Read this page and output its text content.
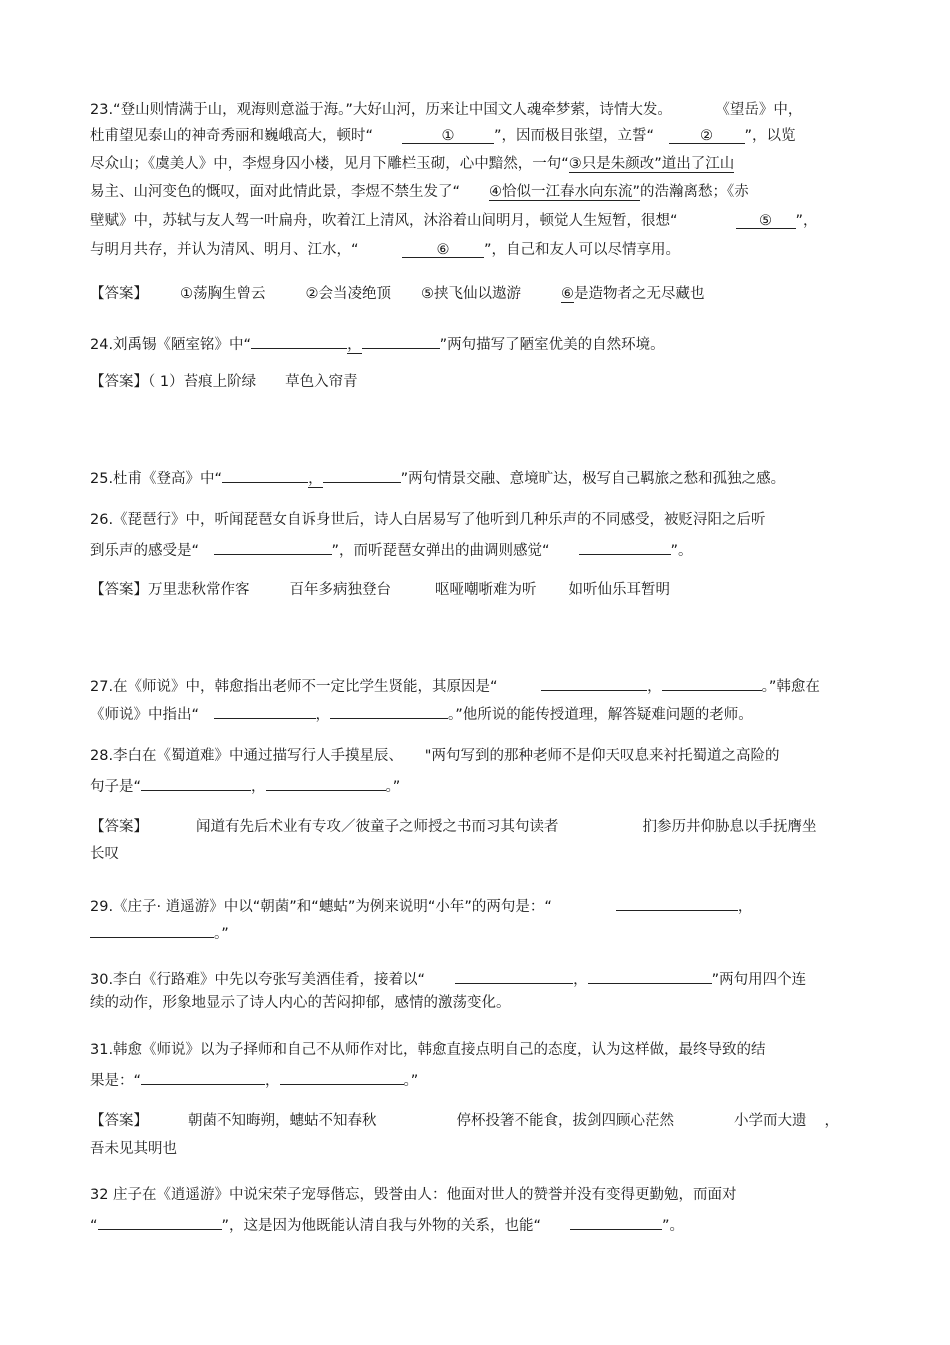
23.“登山则情满于山，观海则意溢于海。”大好山河，历来让中国文人魂牵梦萦，诗情大发。　　　　《望岳》中，
杜甫望见泰山的神奇秀丽和巍峨高大，顿时“　　	①	”，因而极目张望，立誓“　② ”，以览
尽众山；《虞美人》中，李煜身囚小楼，见月下雕栏玉砌，心中黯然，一句“③只是朱颜改”道出了江山
易主、山河变色的慨叹，面对此情此景，李煜不禁生发了“　　④恰似一江春水向东流”的浩瀚离愁；《赤
壁赋》中，苏轼与友人驾一叶扁舟，吹着江上清风，沐浴着山间明月，顿觉人生短暂，很想“　　　　⑤ ”，
与明月共存，并认为清风、明月、江水，“　　　⑥ ”，自己和友人可以尽情享用。
【答案】 ①荡胸生曾云	②会当凌绝顶 ⑤挟飞仙以遨游	⑥是造物者之无尽藏也
24.刘禹锡《陋室铭》中“	，	”两句描写了陋室优美的自然环境。
【答案】（ 1）苔痕上阶绿　　草色入帘青
25.杜甫《登高》中“	，	”两句情景交融、意境旷达，极写自己羁旅之愁和孤独之感。
26.《琵琶行》中，听闻琵琶女自诉身世后，诗人白居易写了他听到几种乐声的不同感受，被贬浔阳之后听
到乐声的感受是“　	”，而听琵琶女弹出的曲调则感觉“　　	”。
【答案】万里悲秋常作客	百年多病独登台	呕哑嘲哳难为听 如听仙乐耳暂明
27.在《师说》中，韩愈指出老师不一定比学生贤能，其原因是“　　　	，	。”韩愈在
《师说》中指出“　	，	。”他所说的能传授道理，解答疑难问题的老师。
28.李白在《蜀道难》中通过描写行人手摸星辰、　　"两句写到的那种老师不是仰天叹息来衬托蜀道之高险的
句子是“	，	。”
【答案】	闻道有先后术业有专攻／彼童子之师授之书而习其句读者	扪参历井仰胁息以手抚膺坐
长叹
29.《庄子· 逍遥游》中以“朝菌”和“蟪蛄”为例来说明“小年”的两句是：“	，
。”
30.李白《行路难》中先以夸张写美酒佳肴，接着以“	，	”两句用四个连
续的动作，形象地显示了诗人内心的苦闷抑郁，感情的激荡变化。
31.韩愈《师说》以为子择师和自己不从师作对比，韩愈直接点明自己的态度，认为这样做，最终导致的结
果是：“	，	。”
【答案】	朝菌不知晦朔，蟪蛄不知春秋	停杯投箸不能食，拔剑四顾心茫然	小学而大遗 ，
吾未见其明也
32 庄子在《逍遥游》中说宋荣子宠辱偕忘，毁誉由人：他面对世人的赞誉并没有变得更勤勉，而面对
“	”，这是因为他既能认清自我与外物的关系，也能“　　	”。
